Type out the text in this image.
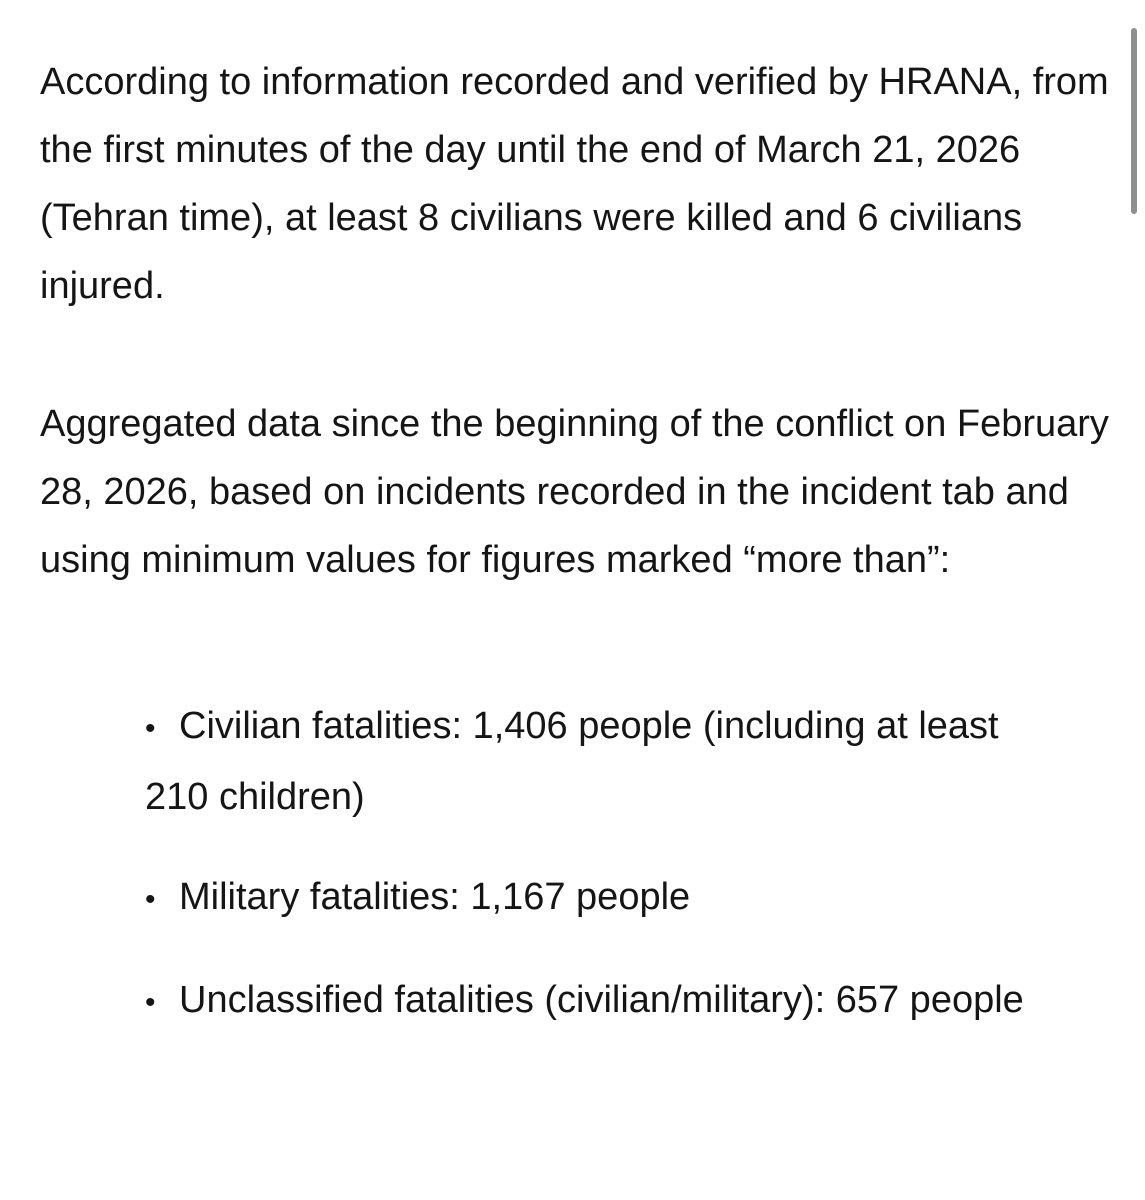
According to information recorded and verified by HRANA, from the first minutes of the day until the end of March 21, 2026 (Tehran time), at least 8 civilians were killed and 6 civilians injured.

Aggregated data since the beginning of the conflict on February 28, 2026, based on incidents recorded in the incident tab and using minimum values for figures marked “more than”:

• Civilian fatalities: 1,406 people (including at least 210 children)
• Military fatalities: 1,167 people
• Unclassified fatalities (civilian/military): 657 people
